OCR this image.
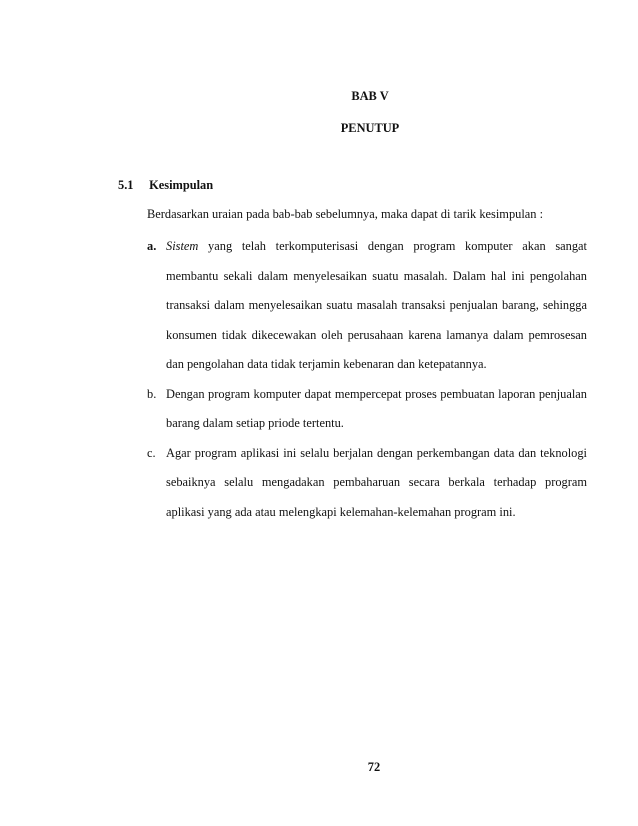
BAB V
PENUTUP
5.1 Kesimpulan
Berdasarkan uraian pada bab-bab sebelumnya, maka dapat di tarik kesimpulan :
a. Sistem yang telah terkomputerisasi dengan program komputer akan sangat membantu sekali dalam menyelesaikan suatu masalah. Dalam hal ini pengolahan transaksi dalam menyelesaikan suatu masalah transaksi penjualan barang, sehingga konsumen tidak dikecewakan oleh perusahaan karena lamanya dalam pemrosesan dan pengolahan data tidak terjamin kebenaran dan ketepatannya.
b. Dengan program komputer dapat mempercepat proses pembuatan laporan penjualan barang dalam setiap priode tertentu.
c. Agar program aplikasi ini selalu berjalan dengan perkembangan data dan teknologi sebaiknya selalu mengadakan pembaharuan secara berkala terhadap program aplikasi yang ada atau melengkapi kelemahan-kelemahan program ini.
72
